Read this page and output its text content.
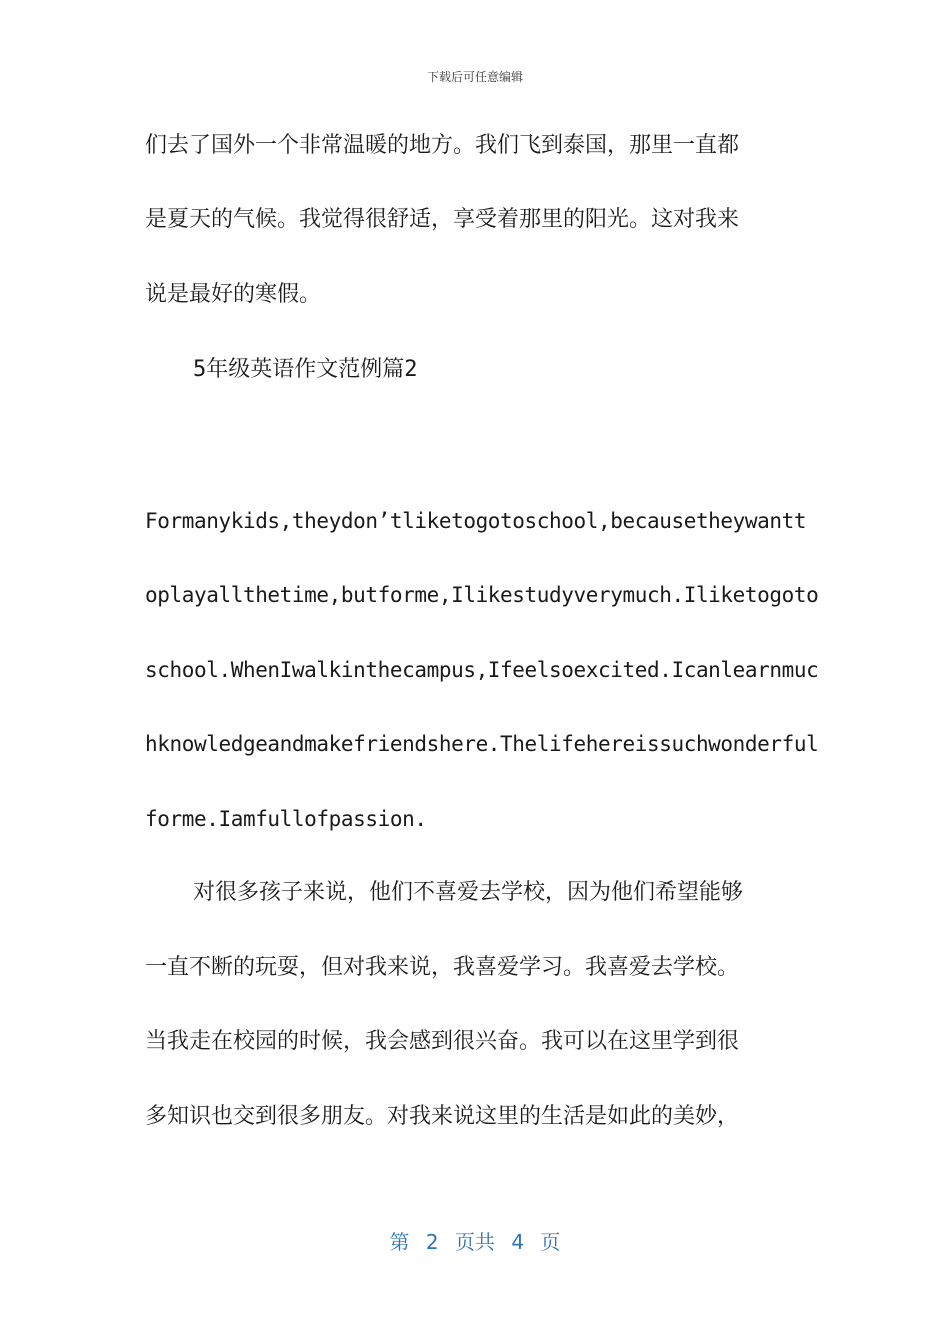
下载后可任意编辑
们去了国外一个非常温暖的地方。我们飞到泰国，那里一直都
是夏天的气候。我觉得很舒适，享受着那里的阳光。这对我来
说是最好的寒假。
5年级英语作文范例篇2
Formanykids,theydon’tliketogotoschool,becausetheywantt
oplayallthetime,butforme,Ilikestudyverymuch.Iliketogoto
school.WhenIwalkinthecampus,Ifeelsoexcited.Icanlearnmuc
hknowledgeandmakefriendshere.Thelifehereissuchwonderful
forme.Iamfullofpassion.
对很多孩子来说，他们不喜爱去学校，因为他们希望能够
一直不断的玩耍，但对我来说，我喜爱学习。我喜爱去学校。
当我走在校园的时候，我会感到很兴奋。我可以在这里学到很
多知识也交到很多朋友。对我来说这里的生活是如此的美妙，
第 2 页共 4 页
